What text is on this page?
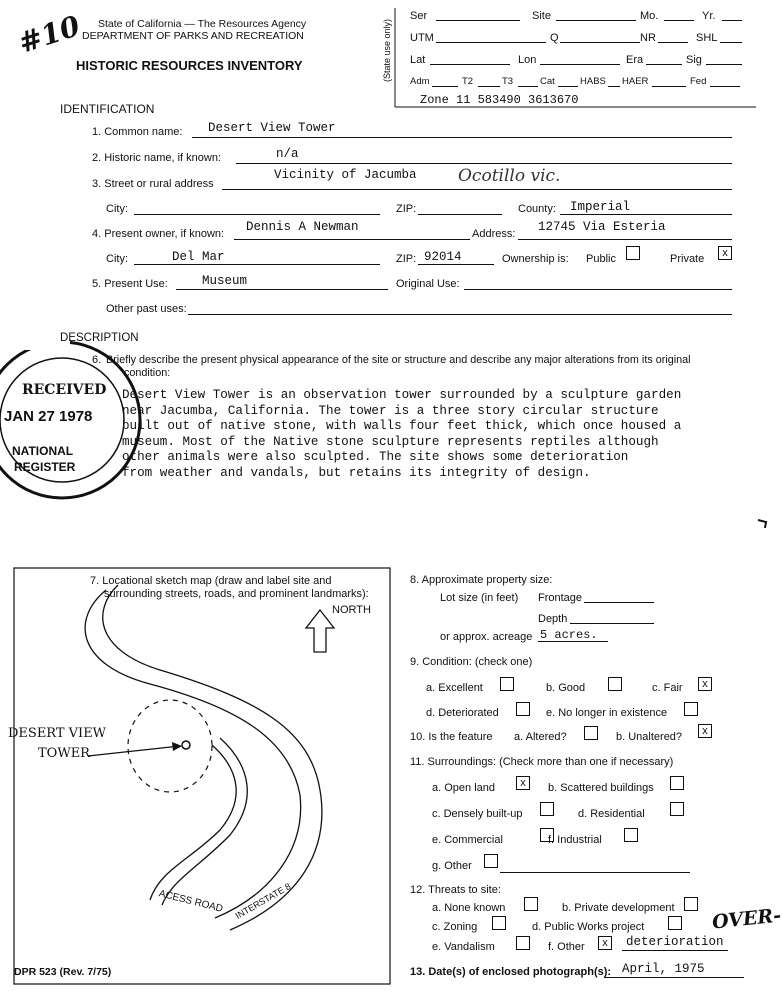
#10 State of California — The Resources Agency
DEPARTMENT OF PARKS AND RECREATION
HISTORIC RESOURCES INVENTORY	(State use only)
Ser	Site	Mo.	Yr.
UTM	Q	NR	SHL
Lat	Lon	Era	Sig
Adm	T2	T3	Cat	HABS HAER	Fed
Zone 11 583490 3613670
IDENTIFICATION
1. Common name: Desert View Tower
2. Historic name, if known:	n/a
3. Street or rural address
Vicinity of Jacumba Ocotillo vic.
City:	ZIP:	County: Imperial
4. Present owner, if known: Dennis A Newman	Address: 12745 Via Esteria
City:	Del Mar	ZIP: 92014	Ownership is: Public	Private	x
5. Present Use:	Museum	Original Use:
Other past uses:
RECEIVED
JAN 27 1978
NATIONAL
REGISTER
DESCRIPTION
6. Briefly describe the present physical appearance of the site or structure and describe any major alterations from its original
condition:
Desert View Tower is an observation tower surrounded by a sculpture garden
near Jacumba, California. The tower is a three story circular structure
built out of native stone, with walls four feet thick, which once housed a
museum. Most of the Native stone sculpture represents reptiles although
other animals were also sculpted. The site shows some deterioration
from weather and vandals, but retains its integrity of design.
7. Locational sketch map (draw and label site and
surrounding streets, roads, and prominent landmarks):
NORTH
DESERT VIEW
TOWER
ACESS ROAD INTERSTATE 8
8. Approximate property size:
Lot size (in feet) Frontage
Depth
or approx. acreage 5 acres.
9. Condition: (check one)
a. Excellent	b. Good	c. Fair	x
d. Deteriorated	e. No longer in existence
10. Is the feature a. Altered?	b. Unaltered?	x
11. Surroundings: (Check more than one if necessary)
a. Open land	x	b. Scattered buildings
c. Densely built-up	d. Residential
e. Commercial	f. Industrial
g. Other
12. Threats to site:
a. None known	b. Private development
c. Zoning	d. Public Works project	OVER-
e. Vandalism	f. Other	x	deterioration
13. Date(s) of enclosed photograph(s): April, 1975
DPR 523 (Rev. 7/75)
